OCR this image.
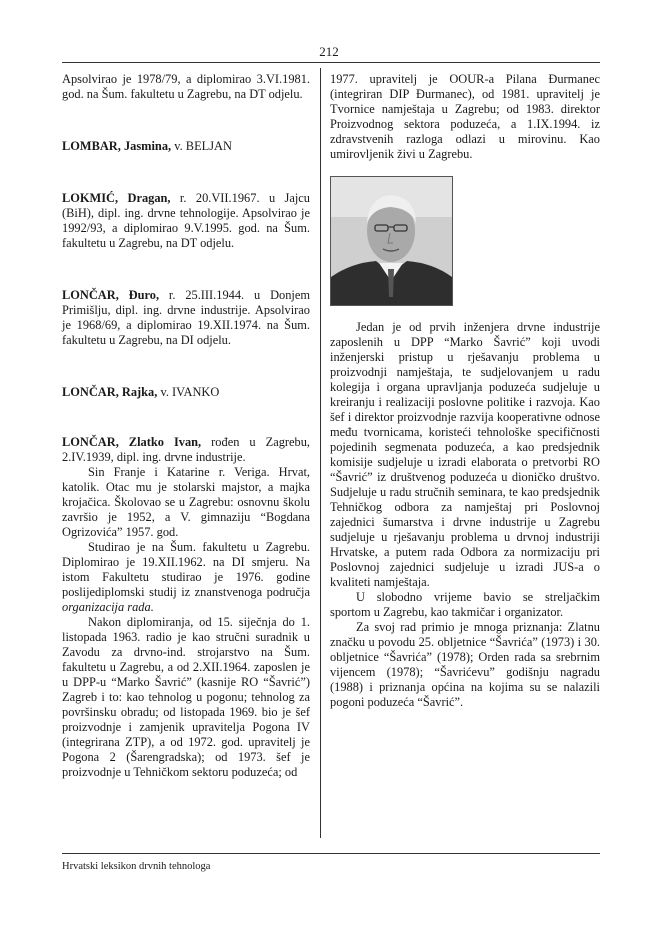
212

Apsolvirao je 1978/79, a diplomirao 3.VI.1981. god. na Šum. fakultetu u Zagrebu, na DT odjelu.

LOMBAR, Jasmina, v. BELJAN

LOKMIĆ, Dragan, r. 20.VII.1967. u Jajcu (BiH), dipl. ing. drvne tehnologije. Apsolvirao je 1992/93, a diplomirao 9.V.1995. god. na Šum. fakultetu u Zagrebu, na DT odjelu.

LONČAR, Đuro, r. 25.III.1944. u Donjem Primišlju, dipl. ing. drvne industrije. Apsolvirao je 1968/69, a diplomirao 19.XII.1974. na Šum. fakultetu u Zagrebu, na DI odjelu.

LONČAR, Rajka, v. IVANKO

LONČAR, Zlatko Ivan, rođen u Zagrebu, 2.IV.1939, dipl. ing. drvne industrije.

Sin Franje i Katarine r. Veriga. Hrvat, katolik. Otac mu je stolarski majstor, a majka krojačica. Školovao se u Zagrebu: osnovnu školu završio je 1952, a V. gimnaziju “Bogdana Ogrizovića” 1957. god.

Studirao je na Šum. fakultetu u Zagrebu. Diplomirao je 19.XII.1962. na DI smjeru. Na istom Fakultetu studirao je 1976. godine poslijediplomski studij iz znanstvenoga područja organizacija rada.

Nakon diplomiranja, od 15. siječnja do 1. listopada 1963. radio je kao stručni suradnik u Zavodu za drvno-ind. strojarstvo na Šum. fakultetu u Zagrebu, a od 2.XII.1964. zaposlen je u DPP-u “Marko Šavrić” (kasnije RO “Šavrić”) Zagreb i to: kao tehnolog u pogonu; tehnolog za površinsku obradu; od listopada 1969. bio je šef proizvodnje i zamjenik upravitelja Pogona IV (integrirana ZTP), a od 1972. god. upravitelj je Pogona 2 (Šarengradska); od 1973. šef je proizvodnje u Tehničkom sektoru poduzeća; od

1977. upravitelj je OOUR-a Pilana Đurmanec (integriran DIP Đurmanec), od 1981. upravitelj je Tvornice namještaja u Zagrebu; od 1983. direktor Proizvodnog sektora poduzeća, a 1.IX.1994. iz zdravstvenih razloga odlazi u mirovinu. Kao umirovljenik živi u Zagrebu.

Jedan je od prvih inženjera drvne industrije zaposlenih u DPP “Marko Šavrić” koji uvodi inženjerski pristup u rješavanju problema u proizvodnji namještaja, te sudjelovanjem u radu kolegija i organa upravljanja poduzeća sudjeluje u kreiranju i realizaciji poslovne politike i razvoja. Kao šef i direktor proizvodnje razvija kooperativne odnose među tvornicama, koristeći tehnološke specifičnosti pojedinih segmenata poduzeća, a kao predsjednik komisije sudjeluje u izradi elaborata o pretvorbi RO “Šavrić” iz društvenog poduzeća u dioničko društvo. Sudjeluje u radu stručnih seminara, te kao predsjednik Tehničkog odbora za namještaj pri Poslovnoj zajednici šumarstva i drvne industrije u Zagrebu sudjeluje u rješavanju problema u drvnoj industriji Hrvatske, a putem rada Odbora za normizaciju pri Poslovnoj zajednici sudjeluje u izradi JUS-a o kvaliteti namještaja.

U slobodno vrijeme bavio se streljačkim sportom u Zagrebu, kao takmičar i organizator.

Za svoj rad primio je mnoga priznanja: Zlatnu značku u povodu 25. obljetnice “Šavrića” (1973) i 30. obljetnice “Šavrića” (1978); Orden rada sa srebrnim vijencem (1978); “Šavrićevu” godišnju nagradu (1988) i priznanja općina na kojima su se nalazili pogoni poduzeća “Šavrić”.

Hrvatski leksikon drvnih tehnologa
